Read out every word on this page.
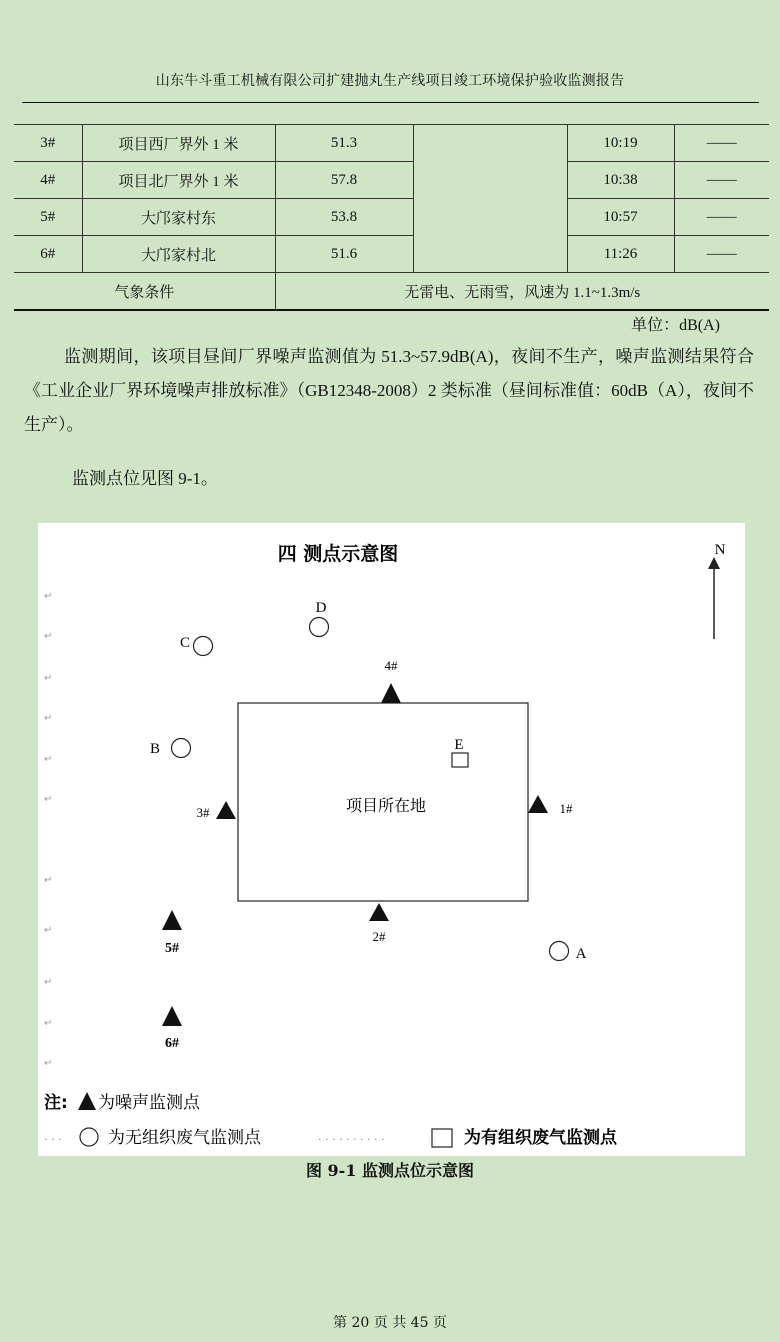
山东牛斗重工机械有限公司扩建抛丸生产线项目竣工环境保护验收监测报告
3#	项目西厂界外 1 米	51.3		10:19	——
4#	项目北厂界外 1 米	57.8		10:38	——
5#	大邝家村东	53.8		10:57	——
6#	大邝家村北	51.6		11:26	——
气象条件		无雷电、无雨雪，风速为 1.1~1.3m/s			
单位：dB(A)
监测期间，该项目昼间厂界噪声监测值为 51.3~57.9dB(A)，夜间不生产，噪声监测结果符合《工业企业厂界环境噪声排放标准》（GB12348-2008）2 类标准（昼间标准值：60dB（A），夜间不生产）。
监测点位见图 9-1。
四 测点示意图	N
↵
↵
↵
↵
↵
↵
↵
↵
↵
↵
↵
项目所在地
4#
1#
3#
2#
5#
6#
D
C
B
A
E
注: 为噪声监测点
· · ·	为无组织废气监测点	· · · · · · · · · ·	为有组织废气监测点
图 9-1 监测点位示意图
第 20 页 共 45 页
